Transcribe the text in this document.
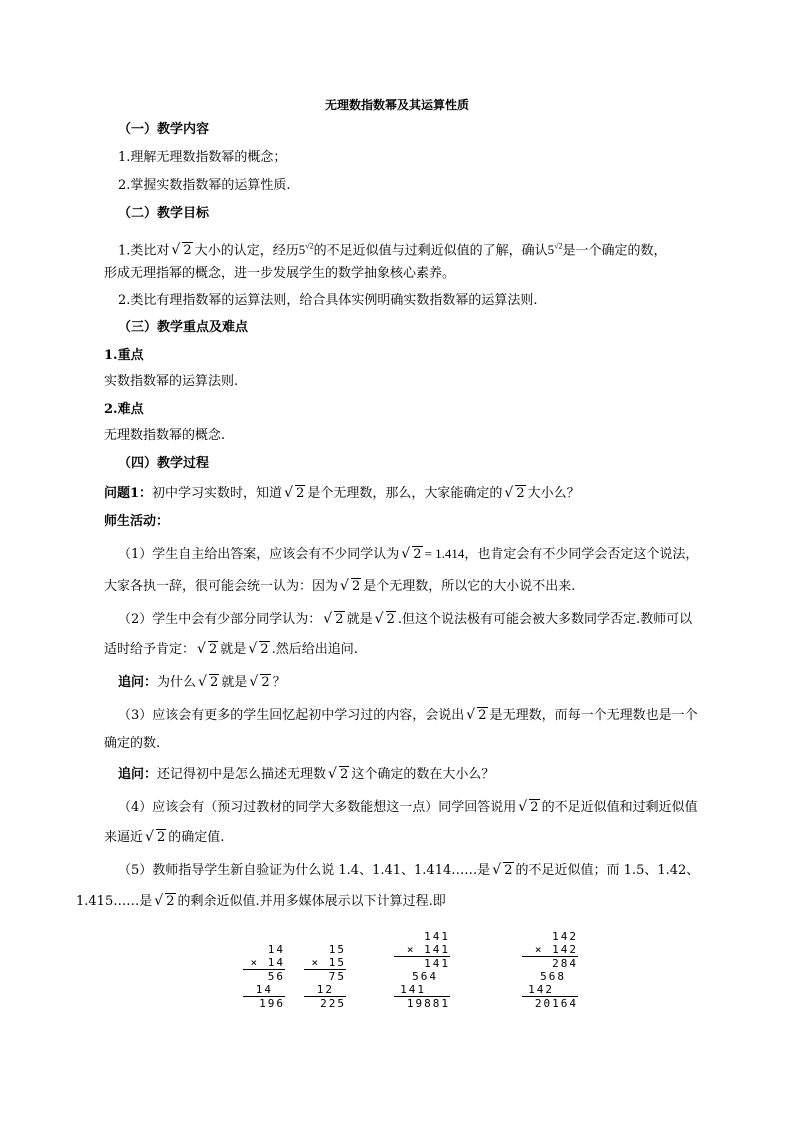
无理数指数幂及其运算性质
（一）教学内容
1.理解无理数指数幂的概念；
2.掌握实数指数幂的运算性质.
（二）教学目标
1.类比对 √ 2 大小的认定，经历$5^{√2}$的不足近似值与过剩近似值的了解，确认$5^{√2}$是一个确定的数，
形成无理指幂的概念，进一步发展学生的数学抽象核心素养。
2.类比有理指数幂的运算法则，给合具体实例明确实数指数幂的运算法则.
（三）教学重点及难点
1.重点
实数指数幂的运算法则.
2.难点
无理数指数幂的概念.
（四）教学过程
问题1：初中学习实数时，知道 √ 2 是个无理数，那么，大家能确定的 √ 2 大小么？
师生活动：
（1）学生自主给出答案，应该会有不少同学认为 √ 2 = 1.414，也肯定会有不少同学会否定这个说法，
大家各执一辞，很可能会统一认为：因为 √ 2 是个无理数，所以它的大小说不出来.
（2）学生中会有少部分同学认为： √ 2 就是 √ 2 .但这个说法极有可能会被大多数同学否定.教师可以
适时给予肯定： √ 2 就是 √ 2 .然后给出追问.
追问：为什么 √ 2 就是 √ 2 ？
（3）应该会有更多的学生回忆起初中学习过的内容，会说出 √ 2 是无理数，而每一个无理数也是一个
确定的数.
追问：还记得初中是怎么描述无理数 √ 2 这个确定的数在大小么？
（4）应该会有（预习过教材的同学大多数能想这一点）同学回答说用 √ 2 的不足近似值和过剩近似值
来逼近 √ 2 的确定值.
（5）教师指导学生新自验证为什么说 1.4、1.41、1.414……是 √ 2 的不足近似值；而 1.5、1.42、
1.415……是 √ 2 的剩余近似值.并用多媒体展示以下计算过程.即
14
× 14
56
14
196
15
× 15
75
12
225
141
× 141
141
564
141
19881
142
× 142
284
568
142
20164
